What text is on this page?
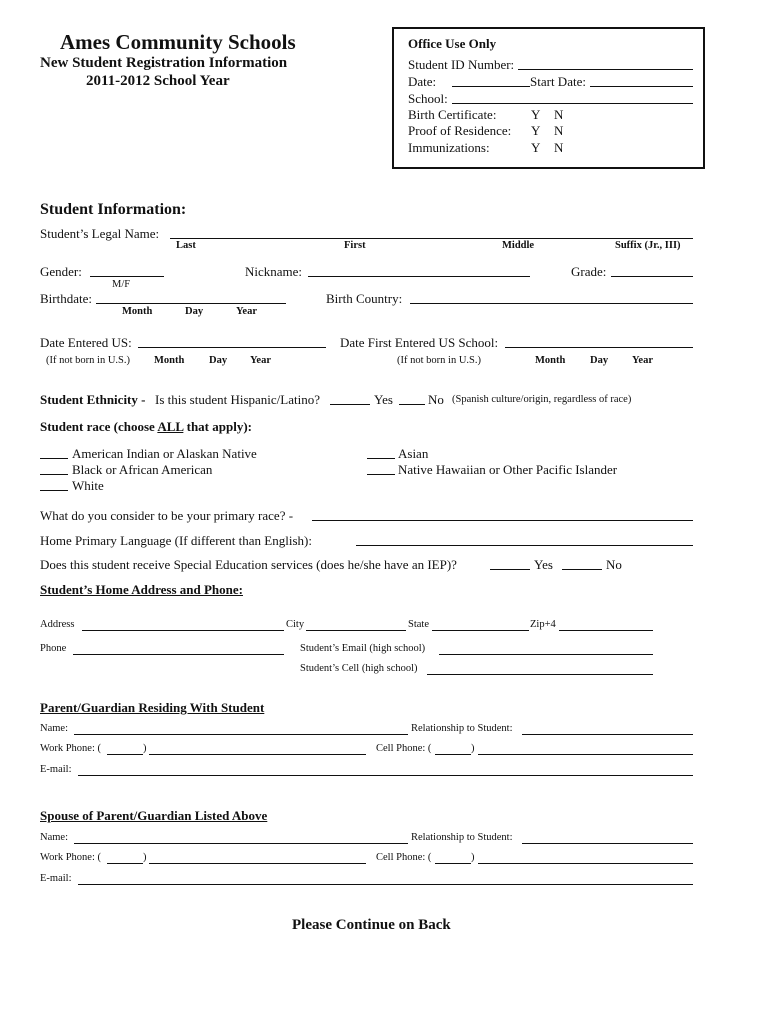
Ames Community Schools
New Student Registration Information
2011-2012 School Year
Office Use Only
Student ID Number:
Date:	Start Date:
School:
Birth Certificate:	Y N
Proof of Residence: Y N
Immunizations:	Y N
Student Information:
Student’s Legal Name:
Last	First	Middle	Suffix (Jr., III)
Gender:
M/F
Nickname:	Grade:
Birthdate:
Month	Day	Year
Birth Country:
Date Entered US:
(If not born in U.S.) Month Day Year
Date First Entered US School:
(If not born in U.S.)	Month Day Year
Student Ethnicity - Is this student Hispanic/Latino?	Yes	No (Spanish culture/origin, regardless of race)
Student race (choose ALL that apply):
American Indian or Alaskan Native
Black or African American
White
Asian
Native Hawaiian or Other Pacific Islander
What do you consider to be your primary race? -
Home Primary Language (If different than English):
Does this student receive Special Education services (does he/she have an IEP)?	Yes	No
Student’s Home Address and Phone:
Address	City	State	Zip+4
Phone	Student’s Email (high school)
Student’s Cell (high school)
Parent/Guardian Residing With Student
Name:	Relationship to Student:
Work Phone: (	)	Cell Phone: (	)
E-mail:
Spouse of Parent/Guardian Listed Above
Name:	Relationship to Student:
Work Phone: (	)	Cell Phone: (	)
E-mail:
Please Continue on Back
